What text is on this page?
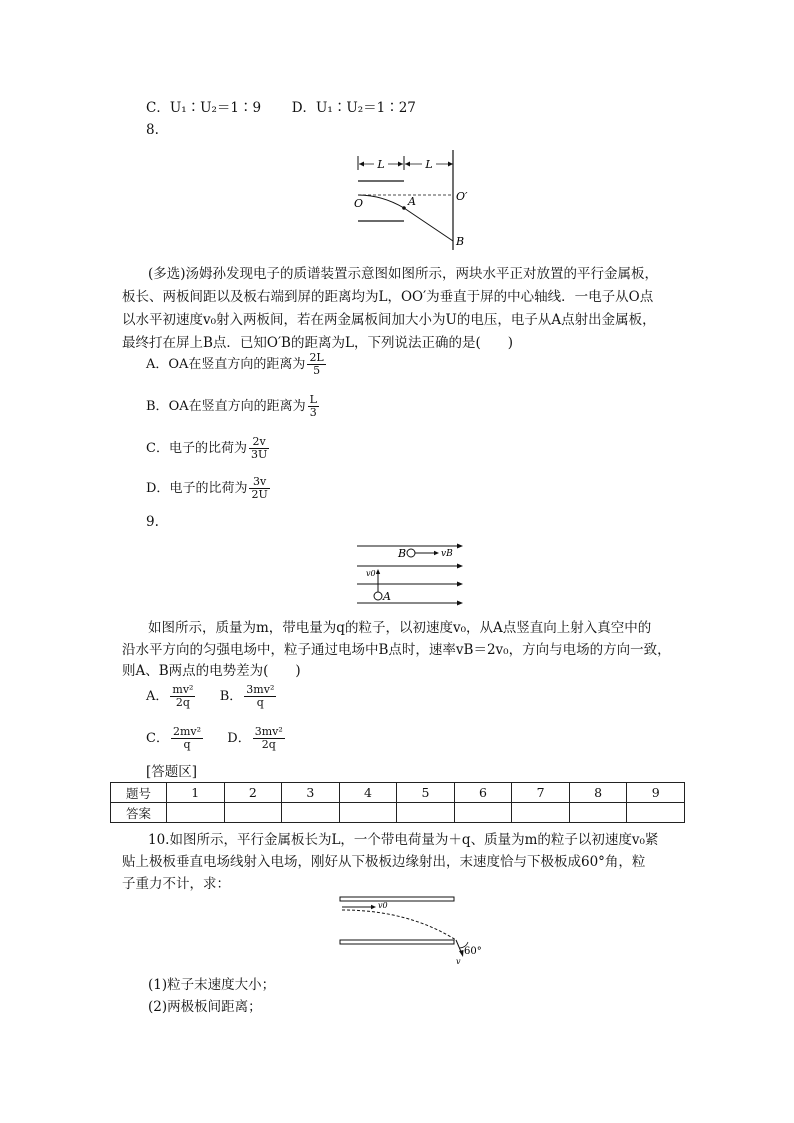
C．U₁∶U₂＝1∶9 D．U₁∶U₂＝1∶27
8.
L	L
O	A	O′
B
(多选)汤姆孙发现电子的质谱装置示意图如图所示，两块水平正对放置的平行金属板，
板长、两板间距以及板右端到屏的距离均为L，OO′为垂直于屏的中心轴线．一电子从O点
以水平初速度v₀射入两板间，若在两金属板间加大小为U的电压，电子从A点射出金属板，
最终打在屏上B点．已知O′B的距离为L，下列说法正确的是(　　)
A．OA在竖直方向的距离为 $\frac{2L}{5}$
B．OA在竖直方向的距离为 $\frac{L}{3}$
C．电子的比荷为 $\frac{2v}{3U}$
D．电子的比荷为 $\frac{3v}{2U}$
9.
B	vB
v0
A
如图所示，质量为m，带电量为q的粒子，以初速度v₀，从A点竖直向上射入真空中的
沿水平方向的匀强电场中，粒子通过电场中B点时，速率vB＝2v₀，方向与电场的方向一致，
则A、B两点的电势差为(　　)
A． $\frac{\text{mv²}}{2q}$ B． $\frac{\text{3mv²}}{q}$
C． $\frac{\text{2mv²}}{q}$ D． $\frac{\text{3mv²}}{2q}$
[答题区]
题号	1	2	3	4	5	6	7	8	9
答案									
10.如图所示，平行金属板长为L，一个带电荷量为＋q、质量为m的粒子以初速度v₀紧
贴上极板垂直电场线射入电场，刚好从下极板边缘射出，末速度恰与下极板成60°角，粒
子重力不计，求：
v0
v
60°
(1)粒子末速度大小；
(2)两极板间距离；
